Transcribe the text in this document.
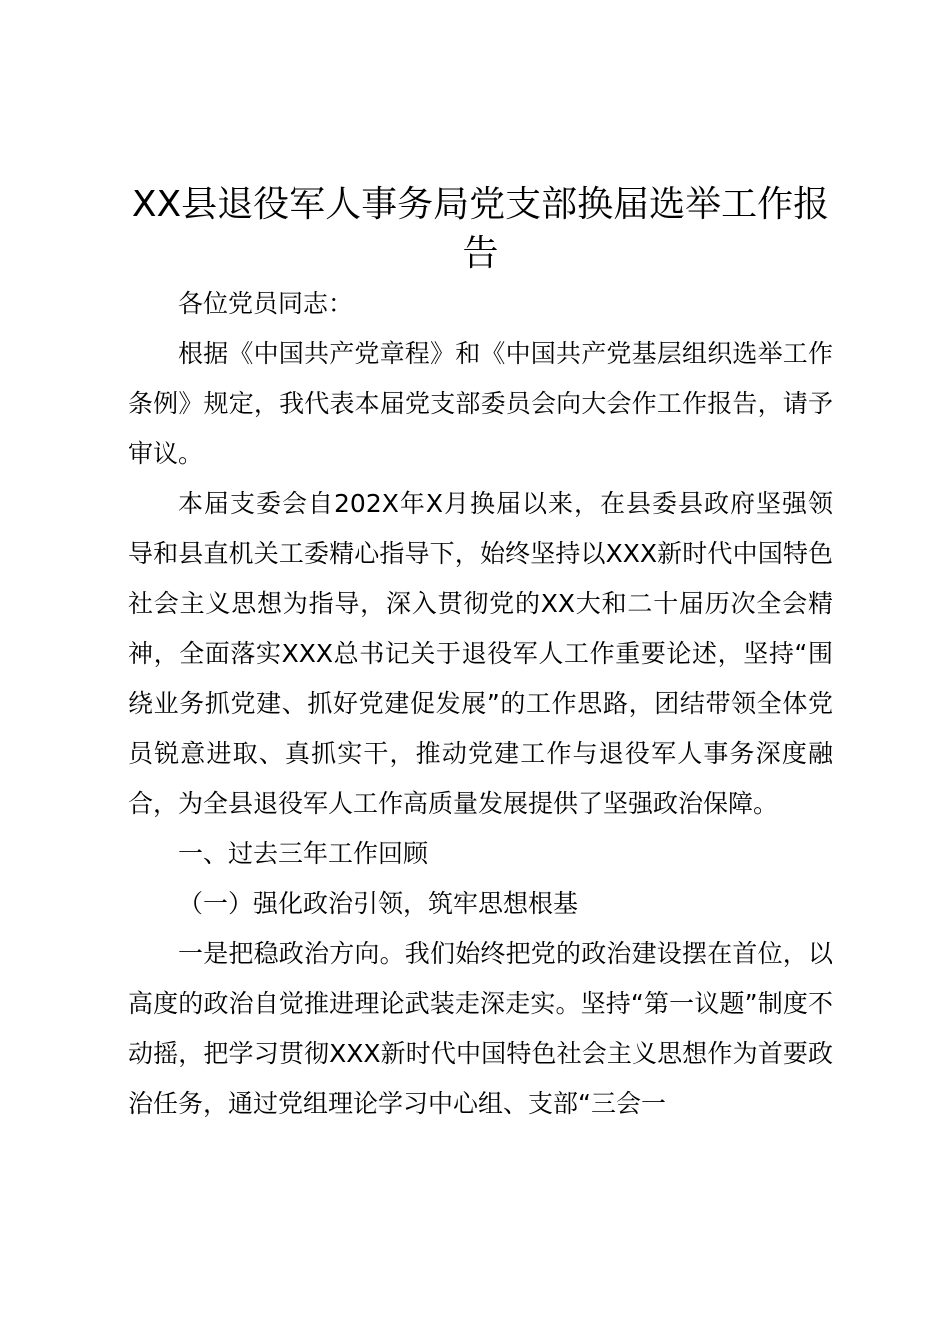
XX县退役军人事务局党支部换届选举工作报告

各位党员同志：

根据《中国共产党章程》和《中国共产党基层组织选举工作条例》规定，我代表本届党支部委员会向大会作工作报告，请予审议。

本届支委会自202X年X月换届以来，在县委县政府坚强领导和县直机关工委精心指导下，始终坚持以XXX新时代中国特色社会主义思想为指导，深入贯彻党的XX大和二十届历次全会精神，全面落实XXX总书记关于退役军人工作重要论述，坚持“围绕业务抓党建、抓好党建促发展”的工作思路，团结带领全体党员锐意进取、真抓实干，推动党建工作与退役军人事务深度融合，为全县退役军人工作高质量发展提供了坚强政治保障。

一、过去三年工作回顾

（一）强化政治引领，筑牢思想根基

一是把稳政治方向。我们始终把党的政治建设摆在首位，以高度的政治自觉推进理论武装走深走实。坚持“第一议题”制度不动摇，把学习贯彻XXX新时代中国特色社会主义思想作为首要政治任务，通过党组理论学习中心组、支部“三会一
